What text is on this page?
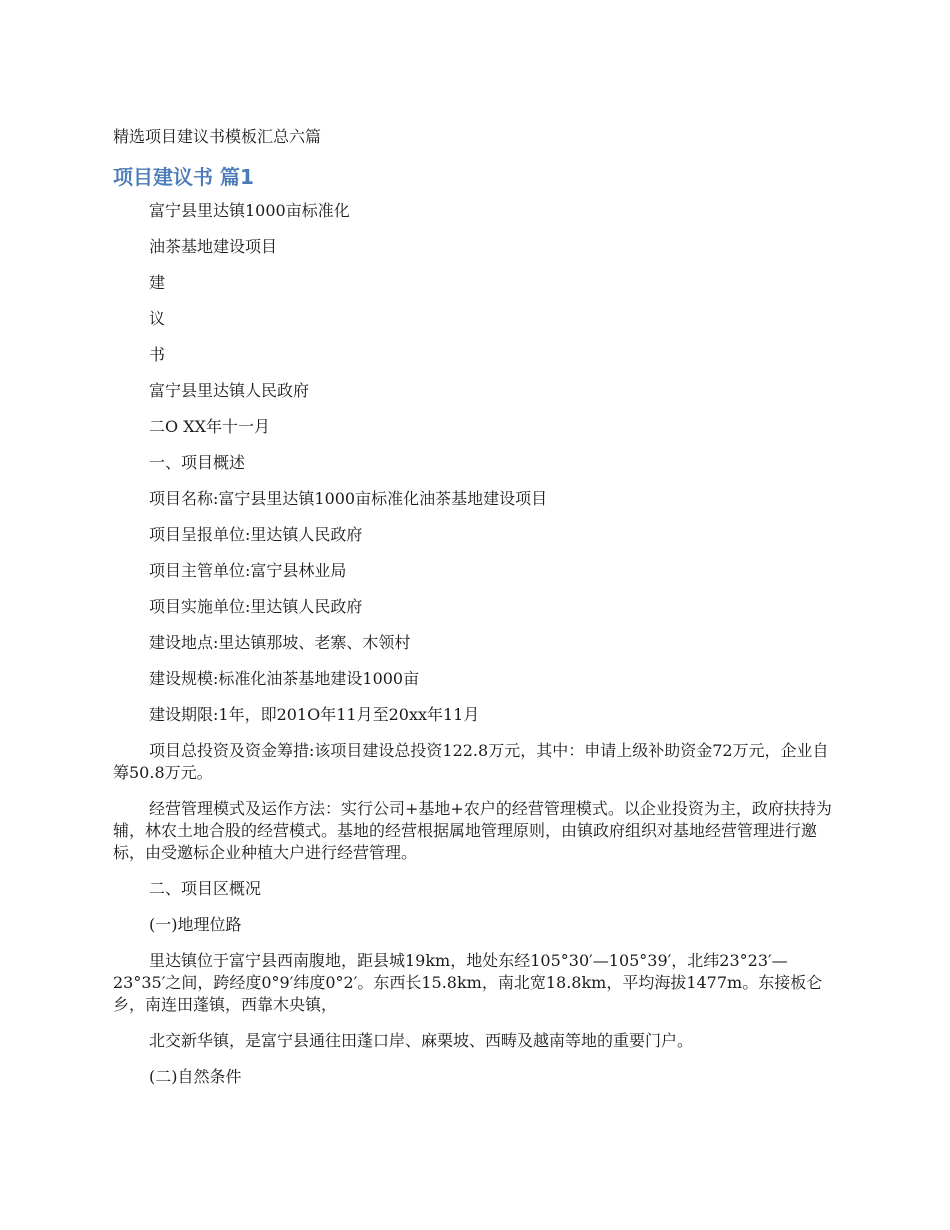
精选项目建议书模板汇总六篇

项目建议书 篇1

富宁县里达镇1000亩标准化

油茶基地建设项目

建

议

书

富宁县里达镇人民政府

二O XX年十一月

一、项目概述

项目名称:富宁县里达镇1000亩标准化油茶基地建设项目

项目呈报单位:里达镇人民政府

项目主管单位:富宁县林业局

项目实施单位:里达镇人民政府

建设地点:里达镇那坡、老寨、木领村

建设规模:标准化油茶基地建设1000亩

建设期限:1年，即201O年11月至20xx年11月

项目总投资及资金筹措:该项目建设总投资122.8万元，其中：申请上级补助资金72万元，企业自筹50.8万元。

经营管理模式及运作方法：实行公司+基地+农户的经营管理模式。以企业投资为主，政府扶持为辅，林农土地合股的经营模式。基地的经营根据属地管理原则，由镇政府组织对基地经营管理进行邀标，由受邀标企业种植大户进行经营管理。

二、项目区概况

(一)地理位路

里达镇位于富宁县西南腹地，距县城19km，地处东经105°30′—105°39′，北纬23°23′—23°35′之间，跨经度0°9′纬度0°2′。东西长15.8km，南北宽18.8km，平均海拔1477m。东接板仑乡，南连田蓬镇，西靠木央镇，

北交新华镇，是富宁县通往田蓬口岸、麻栗坡、西畴及越南等地的重要门户。

(二)自然条件
